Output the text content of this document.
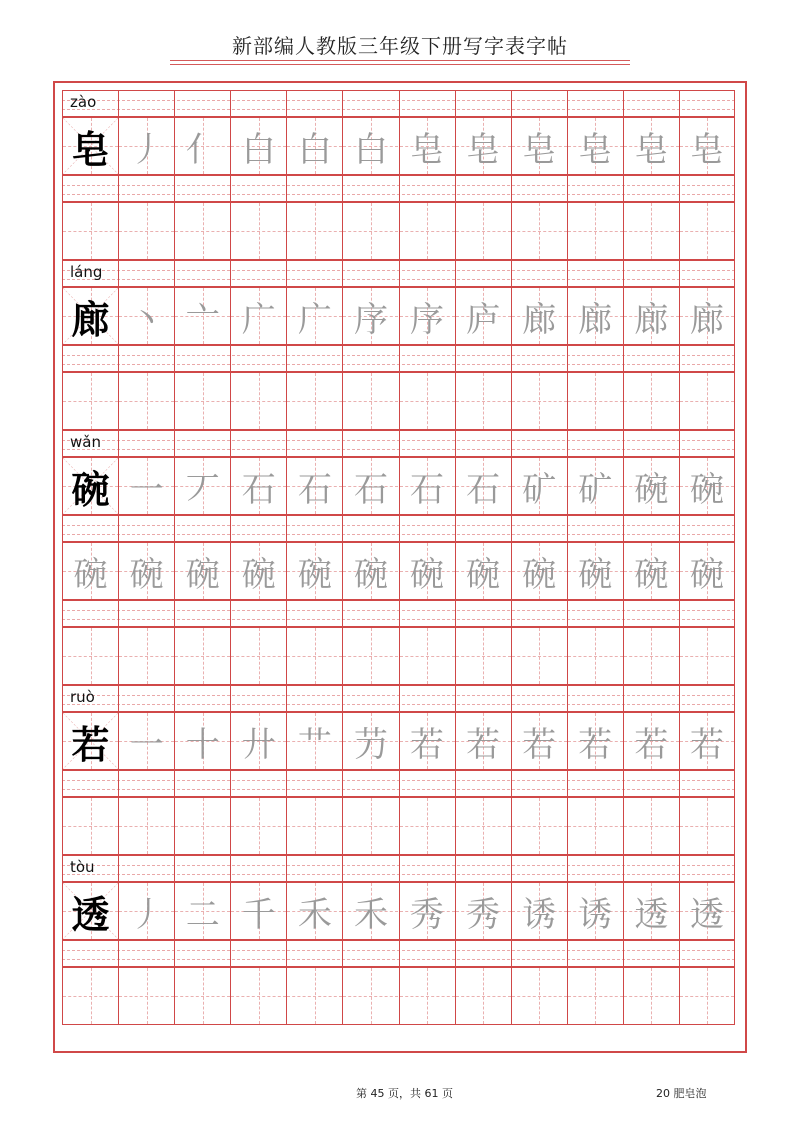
新部编人教版三年级下册写字表字帖
zào
皂 丿 亻 白 白 白 皂 皂 皂 皂 皂 皂
láng
廊 丶 亠 广 广 序 序 庐 廊 廊 廊 廊
wǎn
碗 一 丆 石 石 石 石 石 矿 矿 碗 碗
碗 碗 碗 碗 碗 碗 碗 碗 碗 碗 碗 碗
ruò
若 一 十 廾 艹 芀 若 若 若 若 若 若
tòu
透 丿 二 千 禾 禾 秀 秀 诱 诱 透 透
第 45 页，共 61 页	20 肥皂泡
